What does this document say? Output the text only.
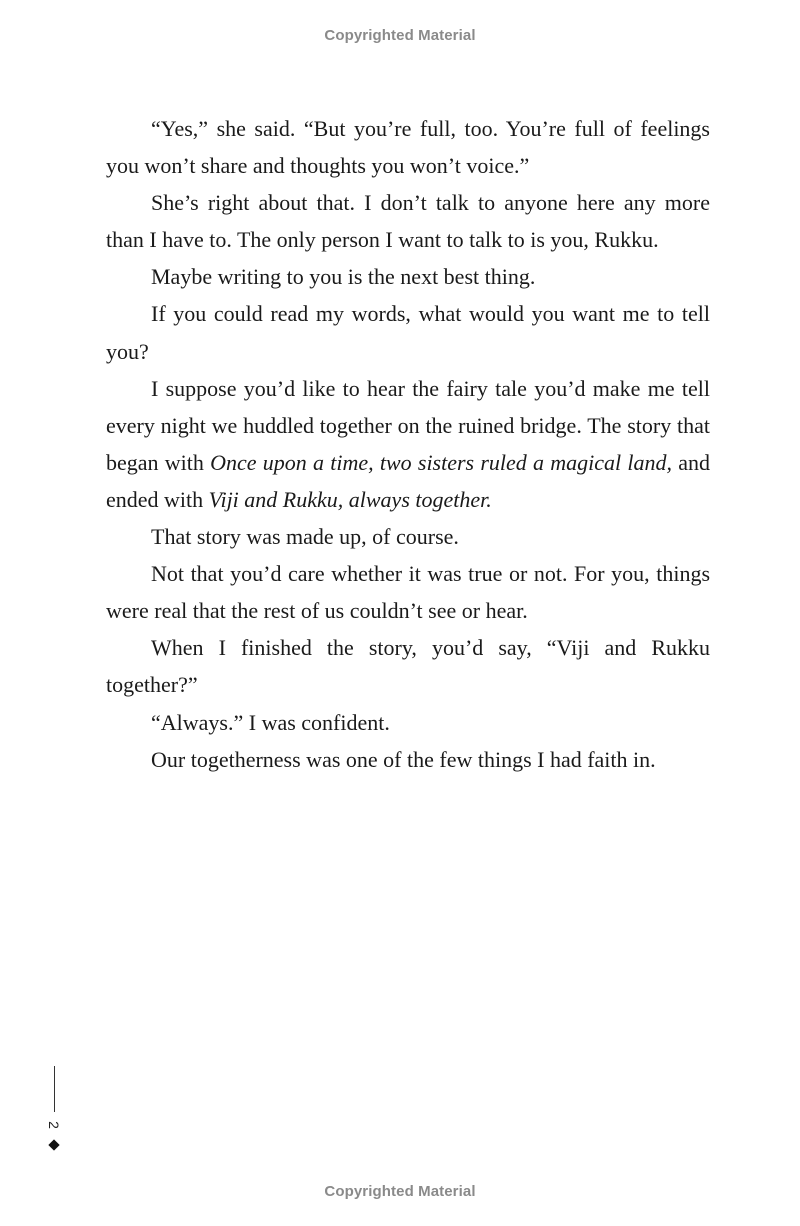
Copyrighted Material

“Yes,” she said. “But you’re full, too. You’re full of feelings you won’t share and thoughts you won’t voice.”

She’s right about that. I don’t talk to anyone here any more than I have to. The only person I want to talk to is you, Rukku.

Maybe writing to you is the next best thing.

If you could read my words, what would you want me to tell you?

I suppose you’d like to hear the fairy tale you’d make me tell every night we huddled together on the ruined bridge. The story that began with Once upon a time, two sisters ruled a magical land, and ended with Viji and Rukku, always together.

That story was made up, of course.

Not that you’d care whether it was true or not. For you, things were real that the rest of us couldn’t see or hear.

When I finished the story, you’d say, “Viji and Rukku together?”

“Always.” I was confident.

Our togetherness was one of the few things I had faith in.

2
Copyrighted Material
